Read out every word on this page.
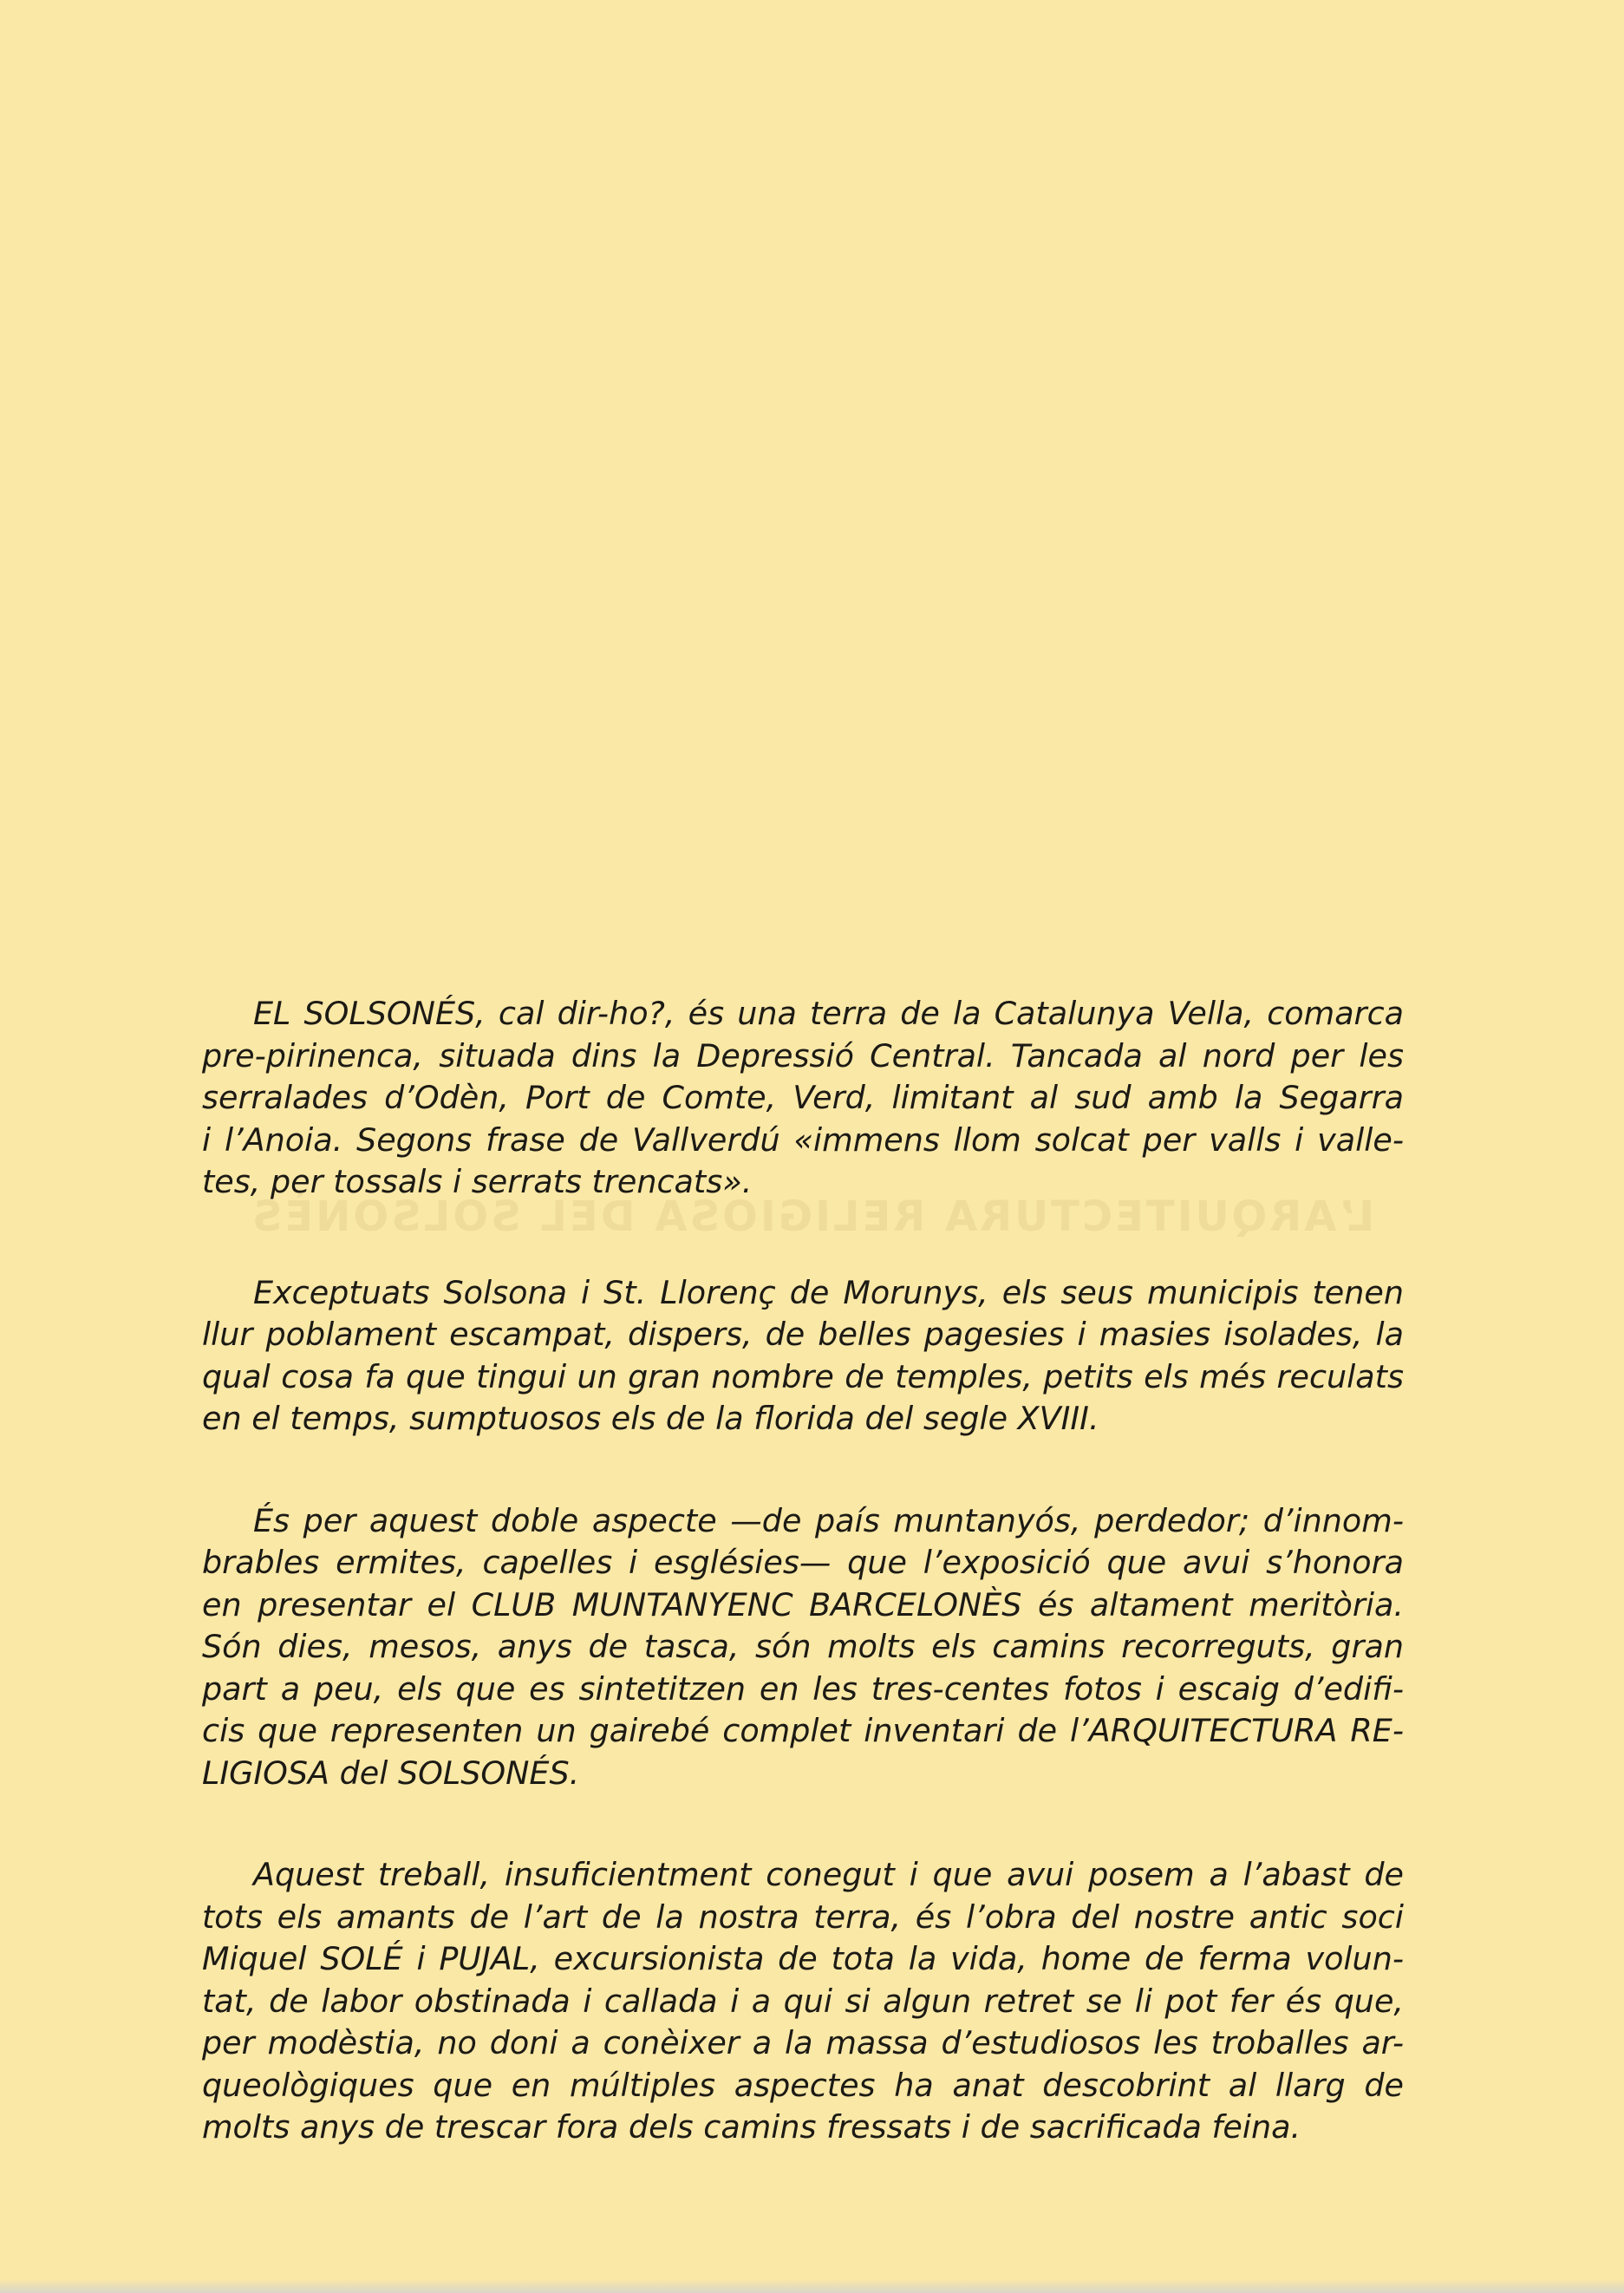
L’ARQUITECTURA RELIGIOSA DEL SOLSONÈS
EL SOLSONÉS, cal dir-ho?, és una terra de la Catalunya Vella, comarca
pre-pirinenca, situada dins la Depressió Central. Tancada al nord per les
serralades d’Odèn, Port de Comte, Verd, limitant al sud amb la Segarra
i l’Anoia. Segons frase de Vallverdú «immens llom solcat per valls i valle-
tes, per tossals i serrats trencats».
Exceptuats Solsona i St. Llorenç de Morunys, els seus municipis tenen
llur poblament escampat, dispers, de belles pagesies i masies isolades, la
qual cosa fa que tingui un gran nombre de temples, petits els més reculats
en el temps, sumptuosos els de la florida del segle XVIII.
És per aquest doble aspecte —de país muntanyós, perdedor; d’innom-
brables ermites, capelles i esglésies— que l’exposició que avui s’honora
en presentar el CLUB MUNTANYENC BARCELONÈS és altament meritòria.
Són dies, mesos, anys de tasca, són molts els camins recorreguts, gran
part a peu, els que es sintetitzen en les tres-centes fotos i escaig d’edifi-
cis que representen un gairebé complet inventari de l’ARQUITECTURA RE-
LIGIOSA del SOLSONÉS.
Aquest treball, insuficientment conegut i que avui posem a l’abast de
tots els amants de l’art de la nostra terra, és l’obra del nostre antic soci
Miquel SOLÉ i PUJAL, excursionista de tota la vida, home de ferma volun-
tat, de labor obstinada i callada i a qui si algun retret se li pot fer és que,
per modèstia, no doni a conèixer a la massa d’estudiosos les troballes ar-
queològiques que en múltiples aspectes ha anat descobrint al llarg de
molts anys de trescar fora dels camins fressats i de sacrificada feina.
